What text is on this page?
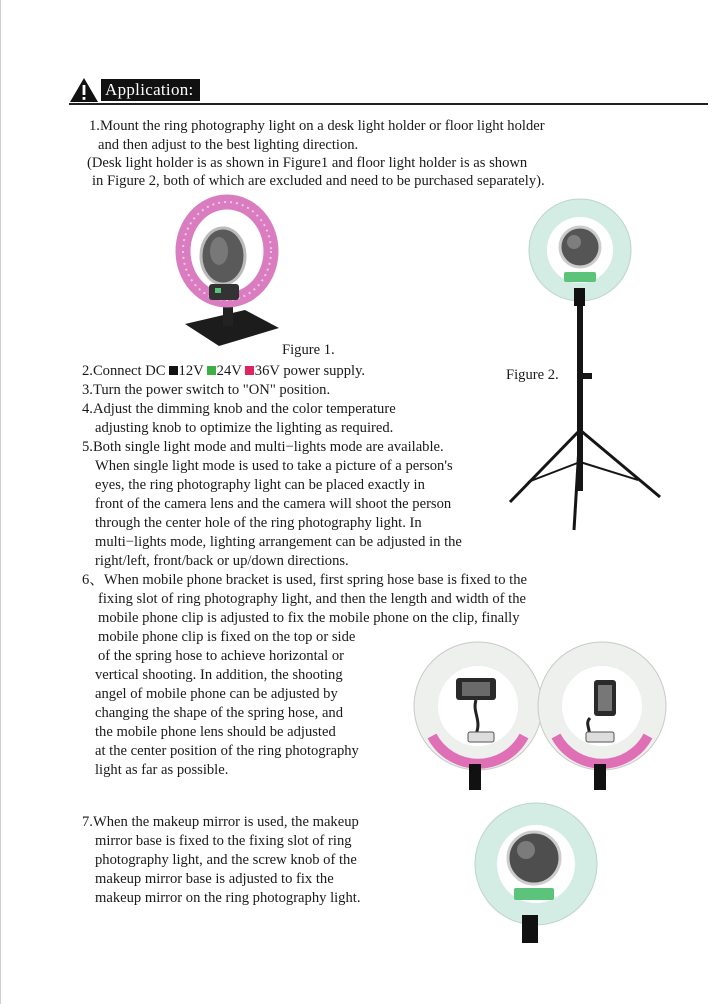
Application:

1.Mount the ring photography light on a desk light holder or floor light holder

and then adjust to the best lighting direction.

(Desk light holder is as shown in Figure1 and floor light holder is as shown

in Figure 2, both of which are excluded and need to be purchased separately).

Figure 1.

Figure 2.

2.Connect DC 12V 24V 36V power supply.

3.Turn the power switch to "ON" position.

4.Adjust the dimming knob and the color temperature

adjusting knob to optimize the lighting as required.

5.Both single light mode and multi−lights mode are available.

When single light mode is used to take a picture of a person's

eyes, the ring photography light can be placed exactly in

front of the camera lens and the camera will shoot the person

through the center hole of the ring photography light. In

multi−lights mode, lighting arrangement can be adjusted in the

right/left, front/back or up/down directions.

6、When mobile phone bracket is used, first spring hose base is fixed to the

fixing slot of ring photography light, and then the length and width of the

mobile phone clip is adjusted to fix the mobile phone on the clip, finally

mobile phone clip is fixed on the top or side

of the spring hose to achieve horizontal or

vertical shooting. In addition, the shooting

angel of mobile phone can be adjusted by

changing the shape of the spring hose, and

the mobile phone lens should be adjusted

at the center position of the ring photography

light as far as possible.

7.When the makeup mirror is used, the makeup

mirror base is fixed to the fixing slot of ring

photography light, and the screw knob of the

makeup mirror base is adjusted to fix the

makeup mirror on the ring photography light.
